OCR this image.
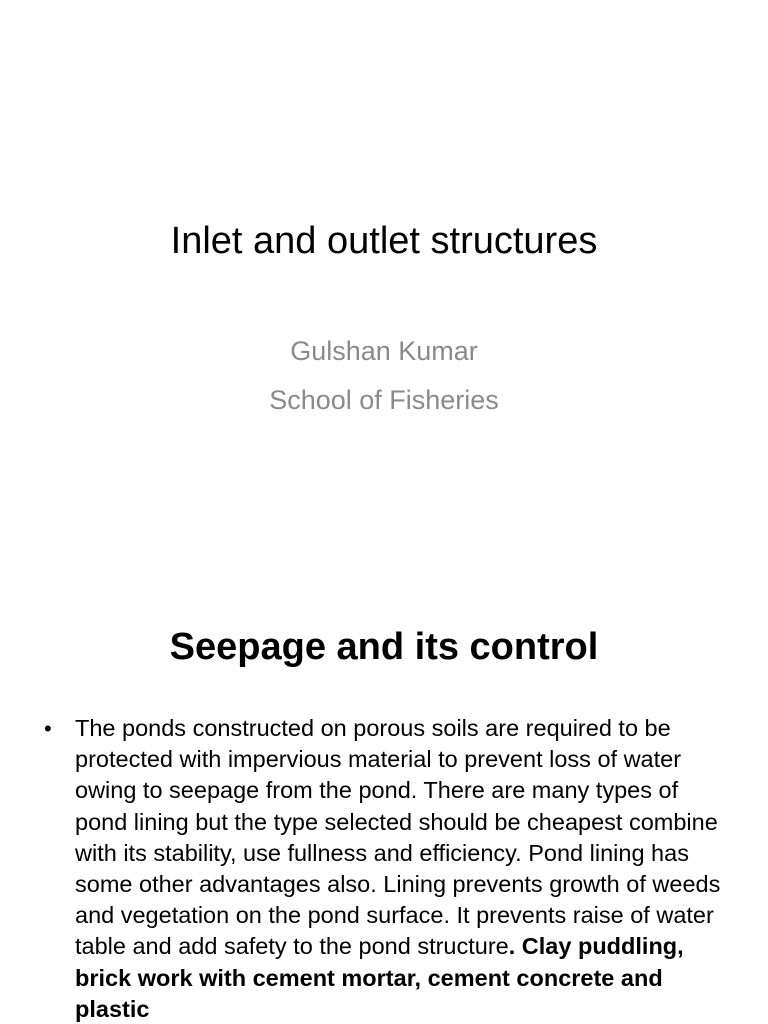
Inlet and outlet structures

Gulshan Kumar

School of Fisheries

Seepage and its control
• The ponds constructed on porous soils are required to be protected with impervious material to prevent loss of water owing to seepage from the pond. There are many types of pond lining but the type selected should be cheapest combine with its stability, use fullness and efficiency. Pond lining has some other advantages also. Lining prevents growth of weeds and vegetation on the pond surface. It prevents raise of water table and add safety to the pond structure. Clay puddling, brick work with cement mortar, cement concrete and plastic
